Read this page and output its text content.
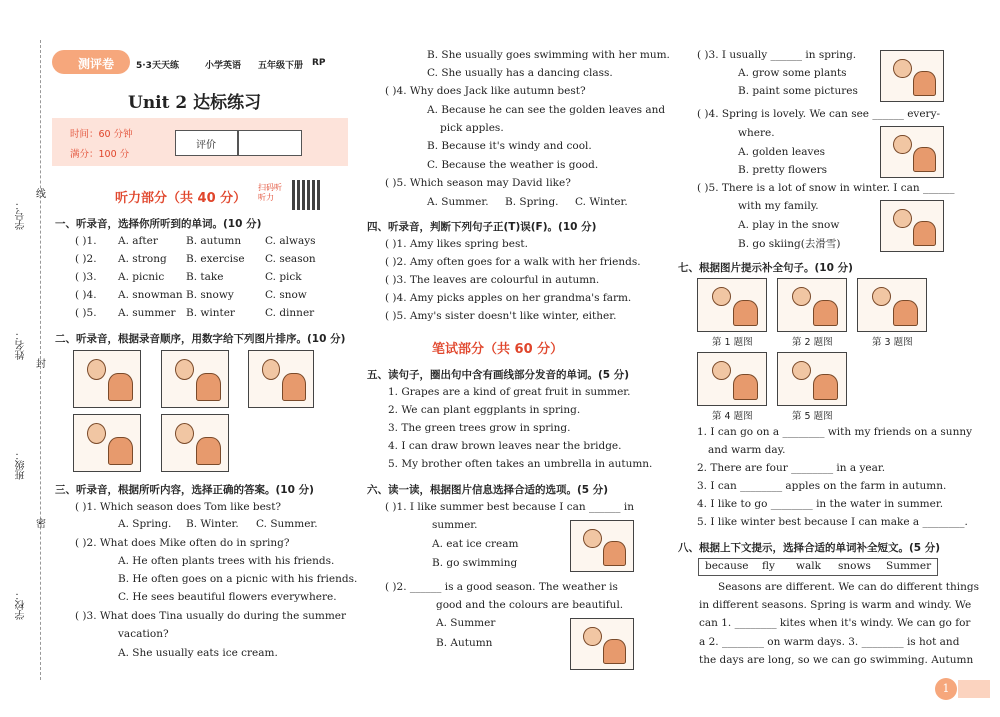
学号：
姓名：
班级：
学校：
线
封
密
测评卷 5·3天天练	小学英语 五年级下册 RP
Unit 2 达标练习
时间：60 分钟
满分：100 分
评价
听力部分（共 40 分）
扫码听听力
一、听录音，选择你所听到的单词。(10 分)
( )1. A. after	B. autumn C. always
( )2. A. strong B. exercise C. season
( )3. A. picnic B. take	C. pick
( )4. A. snowman B. snowy	C. snow
( )5. A. summer B. winter	C. dinner
二、听录音，根据录音顺序，用数字给下列图片排序。(10 分)
三、听录音，根据所听内容，选择正确的答案。(10 分)
( )1. Which season does Tom like best?
A. Spring. B. Winter. C. Summer.
( )2. What does Mike often do in spring?
A. He often plants trees with his friends.
B. He often goes on a picnic with his friends.
C. He sees beautiful flowers everywhere.
( )3. What does Tina usually do during the summer
vacation?
A. She usually eats ice cream.
B. She usually goes swimming with her mum.
C. She usually has a dancing class.
( )4. Why does Jack like autumn best?
A. Because he can see the golden leaves and
pick apples.
B. Because it's windy and cool.
C. Because the weather is good.
( )5. Which season may David like?
A. Summer. B. Spring. C. Winter.
四、听录音，判断下列句子正(T)误(F)。(10 分)
( )1. Amy likes spring best.
( )2. Amy often goes for a walk with her friends.
( )3. The leaves are colourful in autumn.
( )4. Amy picks apples on her grandma's farm.
( )5. Amy's sister doesn't like winter, either.
笔试部分（共 60 分）
五、读句子，圈出句中含有画线部分发音的单词。(5 分)
1. Grapes are a kind of great fruit in summer.
2. We can plant eggplants in spring.
3. The green trees grow in spring.
4. I can draw brown leaves near the bridge.
5. My brother often takes an umbrella in autumn.
六、读一读，根据图片信息选择合适的选项。(5 分)
( )1. I like summer best because I can ______ in
summer.
A. eat ice cream
B. go swimming
( )2. ______ is a good season. The weather is
good and the colours are beautiful.
A. Summer
B. Autumn
( )3. I usually ______ in spring.
A. grow some plants
B. paint some pictures
( )4. Spring is lovely. We can see ______ every-
where.
A. golden leaves
B. pretty flowers
( )5. There is a lot of snow in winter. I can ______
with my family.
A. play in the snow
B. go skiing(去滑雪)
七、根据图片提示补全句子。(10 分)
第 1 题图	第 2 题图	第 3 题图
第 4 题图	第 5 题图
1. I can go on a ________ with my friends on a sunny
and warm day.
2. There are four ________ in a year.
3. I can ________ apples on the farm in autumn.
4. I like to go ________ in the water in summer.
5. I like winter best because I can make a ________.
八、根据上下文提示，选择合适的单词补全短文。(5 分)
because fly walk snows Summer
Seasons are different. We can do different things
in different seasons. Spring is warm and windy. We
can 1. ________ kites when it's windy. We can go for
a 2. ________ on warm days. 3. ________ is hot and
the days are long, so we can go swimming. Autumn
1
